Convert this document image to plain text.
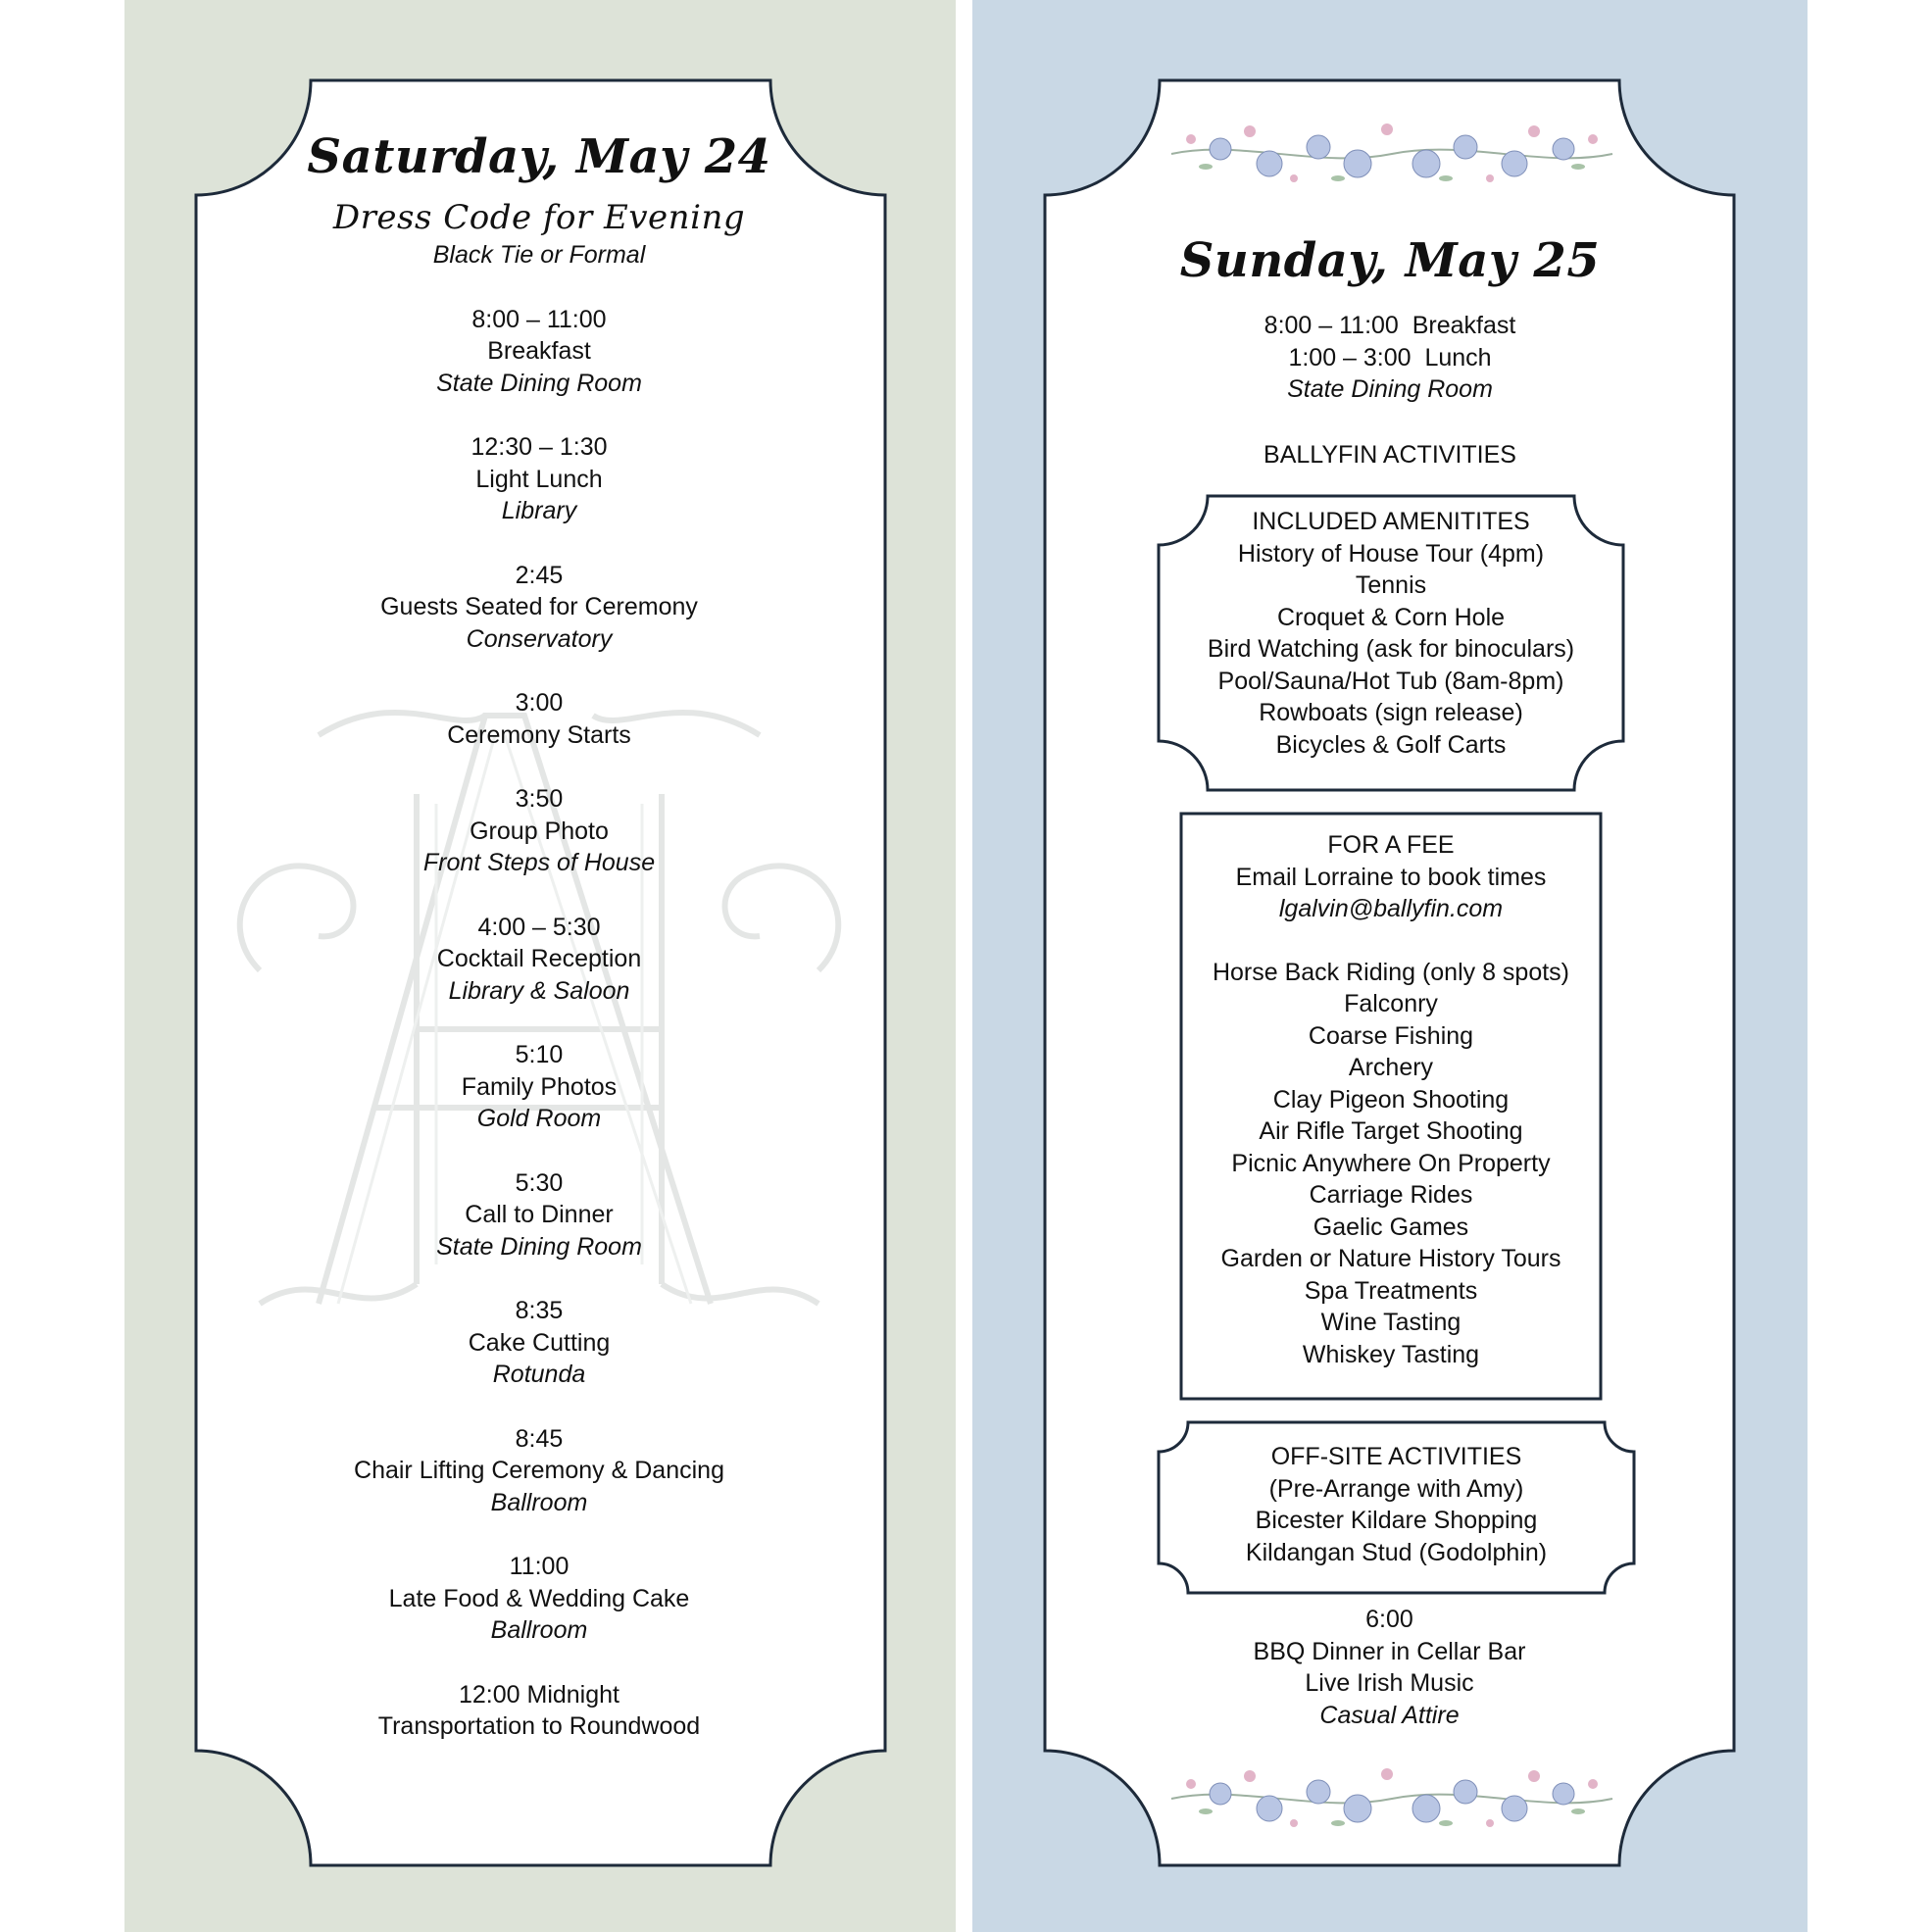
Saturday, May 24
Dress Code for Evening
Black Tie or Formal
8:00 – 11:00
Breakfast
State Dining Room
12:30 – 1:30
Light Lunch
Library
2:45
Guests Seated for Ceremony
Conservatory
3:00
Ceremony Starts
3:50
Group Photo
Front Steps of House
4:00 – 5:30
Cocktail Reception
Library & Saloon
5:10
Family Photos
Gold Room
5:30
Call to Dinner
State Dining Room
8:35
Cake Cutting
Rotunda
8:45
Chair Lifting Ceremony & Dancing
Ballroom
11:00
Late Food & Wedding Cake
Ballroom
12:00 Midnight
Transportation to Roundwood
Sunday, May 25
8:00 – 11:00  Breakfast
1:00 – 3:00  Lunch
State Dining Room
BALLYFIN ACTIVITIES
INCLUDED AMENITITES
History of House Tour (4pm)
Tennis
Croquet & Corn Hole
Bird Watching (ask for binoculars)
Pool/Sauna/Hot Tub (8am-8pm)
Rowboats (sign release)
Bicycles & Golf Carts
FOR A FEE
Email Lorraine to book times
lgalvin@ballyfin.com
Horse Back Riding (only 8 spots)
Falconry
Coarse Fishing
Archery
Clay Pigeon Shooting
Air Rifle Target Shooting
Picnic Anywhere On Property
Carriage Rides
Gaelic Games
Garden or Nature History Tours
Spa Treatments
Wine Tasting
Whiskey Tasting
OFF-SITE ACTIVITIES
(Pre-Arrange with Amy)
Bicester Kildare Shopping
Kildangan Stud (Godolphin)
6:00
BBQ Dinner in Cellar Bar
Live Irish Music
Casual Attire
